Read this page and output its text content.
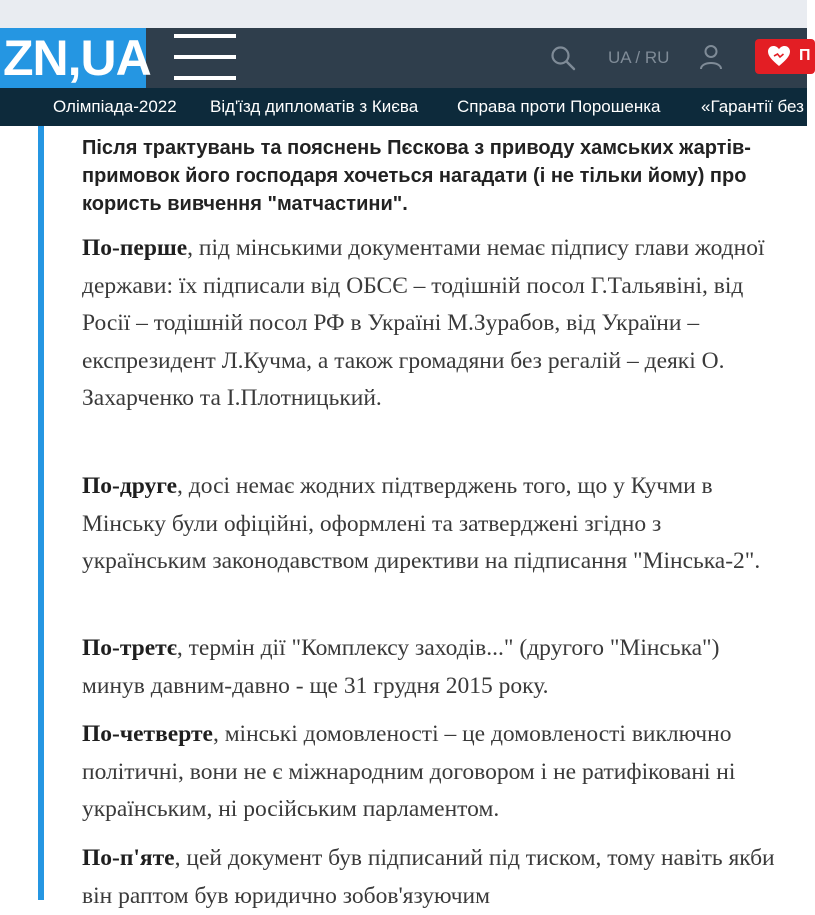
ZN,UA	UA / RU	П
Олімпіада-2022 Від'їзд дипломатів з Києва Справа проти Порошенка «Гарантії без
Після трактувань та пояснень Пєскова з приводу хамських жартів-примовок його господаря хочеться нагадати (і не тільки йому) про користь вивчення "матчастини".

По-перше, під мінськими документами немає підпису глави жодної держави: їх підписали від ОБСЄ – тодішній посол Г.Тальявіні, від Росії – тодішній посол РФ в Україні М.Зурабов, від України – експрезидент Л.Кучма, а також громадяни без регалій – деякі О. Захарченко та І.Плотницький.

По-друге, досі немає жодних підтверджень того, що у Кучми в Мінську були офіційні, оформлені та затверджені згідно з українським законодавством директиви на підписання "Мінська-2".

По-третє, термін дії "Комплексу заходів..." (другого "Мінська") минув давним-давно - ще 31 грудня 2015 року.

По-четверте, мінські домовленості – це домовленості виключно політичні, вони не є міжнародним договором і не ратифіковані ні українським, ні російським парламентом.

По-п'яте, цей документ був підписаний під тиском, тому навіть якби він раптом був юридично зобов'язуючим
